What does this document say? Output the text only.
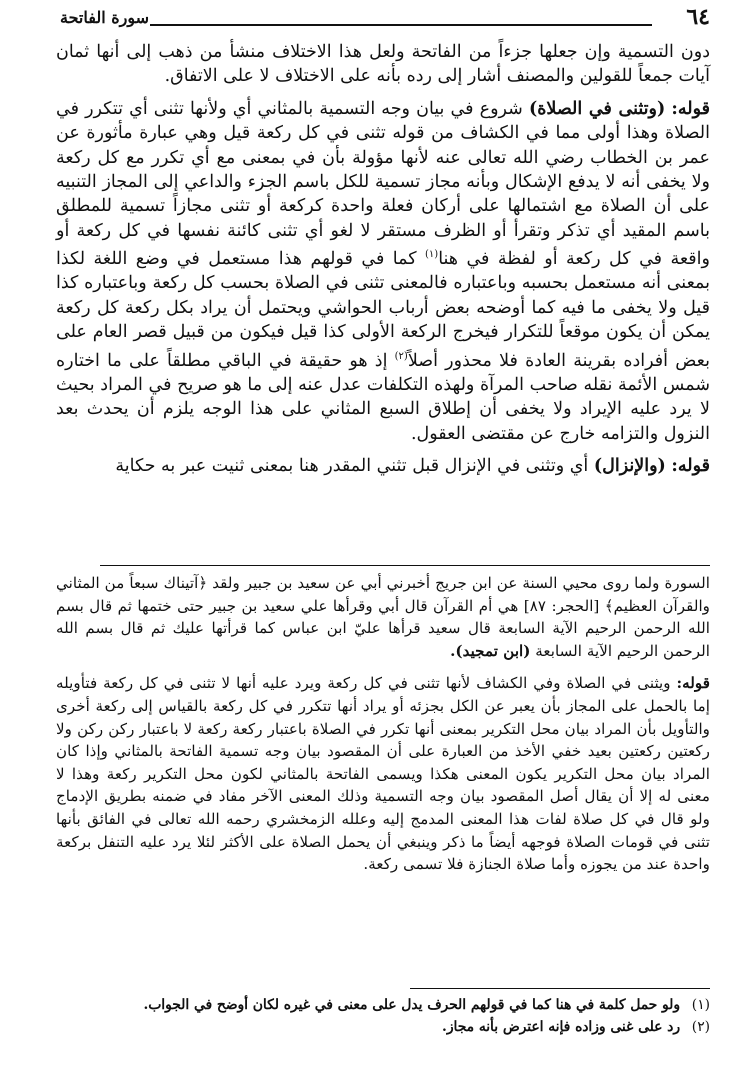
٦٤
سورة الفاتحة

دون التسمية وإن جعلها جزءاً من الفاتحة ولعل هذا الاختلاف منشأ من ذهب إلى أنها ثمان آيات جمعاً للقولين والمصنف أشار إلى رده بأنه على الاختلاف لا على الاتفاق.

قوله: (وتثنى في الصلاة) شروع في بيان وجه التسمية بالمثاني أي ولأنها تثنى أي تتكرر في الصلاة وهذا أولى مما في الكشاف من قوله تثنى في كل ركعة قيل وهي عبارة مأثورة عن عمر بن الخطاب رضي الله تعالى عنه لأنها مؤولة بأن في بمعنى مع أي تكرر مع كل ركعة ولا يخفى أنه لا يدفع الإشكال وبأنه مجاز تسمية للكل باسم الجزء والداعي إلى المجاز التنبيه على أن الصلاة مع اشتمالها على أركان فعلة واحدة كركعة أو تثنى مجازاً تسمية للمطلق باسم المقيد أي تذكر وتقرأ أو الظرف مستقر لا لغو أي تثنى كائنة نفسها في كل ركعة أو واقعة في كل ركعة أو لفظة في هنا$^{(١)}$ كما في قولهم هذا مستعمل في وضع اللغة لكذا بمعنى أنه مستعمل بحسبه وباعتباره فالمعنى تثنى في الصلاة بحسب كل ركعة وباعتباره كذا قيل ولا يخفى ما فيه كما أوضحه بعض أرباب الحواشي ويحتمل أن يراد بكل ركعة كل ركعة يمكن أن يكون موقعاً للتكرار فيخرج الركعة الأولى كذا قيل فيكون من قبيل قصر العام على بعض أفراده بقرينة العادة فلا محذور أصلاً$^{(٢)}$ إذ هو حقيقة في الباقي مطلقاً على ما اختاره شمس الأئمة نقله صاحب المرآة ولهذه التكلفات عدل عنه إلى ما هو صريح في المراد بحيث لا يرد عليه الإيراد ولا يخفى أن إطلاق السبع المثاني على هذا الوجه يلزم أن يحدث بعد النزول والتزامه خارج عن مقتضى العقول.

قوله: (والإنزال) أي وتثنى في الإنزال قبل تثني المقدر هنا بمعنى ثنيت عبر به حكاية

السورة ولما روى محيي السنة عن ابن جريج أخبرني أبي عن سعيد بن جبير ولقد ﴿آتيناك سبعاً من المثاني والقرآن العظيم﴾ [الحجر: ٨٧] هي أم القرآن قال أبي وقرأها علي سعيد بن جبير حتى ختمها ثم قال بسم الله الرحمن الرحيم الآية السابعة قال سعيد قرأها عليّ ابن عباس كما قرأتها عليك ثم قال بسم الله الرحمن الرحيم الآية السابعة (ابن تمجيد).

قوله: ويثنى في الصلاة وفي الكشاف لأنها تثنى في كل ركعة ويرد عليه أنها لا تثنى في كل ركعة فتأويله إما بالحمل على المجاز بأن يعبر عن الكل بجزئه أو يراد أنها تتكرر في كل ركعة بالقياس إلى ركعة أخرى والتأويل بأن المراد بيان محل التكرير بمعنى أنها تكرر في الصلاة باعتبار ركعة ركعة لا باعتبار ركن ركن ولا ركعتين ركعتين بعيد خفي الأخذ من العبارة على أن المقصود بيان وجه تسمية الفاتحة بالمثاني وإذا كان المراد بيان محل التكرير يكون المعنى هكذا ويسمى الفاتحة بالمثاني لكون محل التكرير ركعة وهذا لا معنى له إلا أن يقال أصل المقصود بيان وجه التسمية وذلك المعنى الآخر مفاد في ضمنه بطريق الإدماج ولو قال في كل صلاة لفات هذا المعنى المدمج إليه وعلله الزمخشري رحمه الله تعالى في الفائق بأنها تثنى في قومات الصلاة فوجهه أيضاً ما ذكر وينبغي أن يحمل الصلاة على الأكثر لئلا يرد عليه التنفل بركعة واحدة عند من يجوزه وأما صلاة الجنازة فلا تسمى ركعة.

(١)ولو حمل كلمة في هنا كما في قولهم الحرف يدل على معنى في غيره لكان أوضح في الجواب.
(٢)رد على غنى وزاده فإنه اعترض بأنه مجاز.
